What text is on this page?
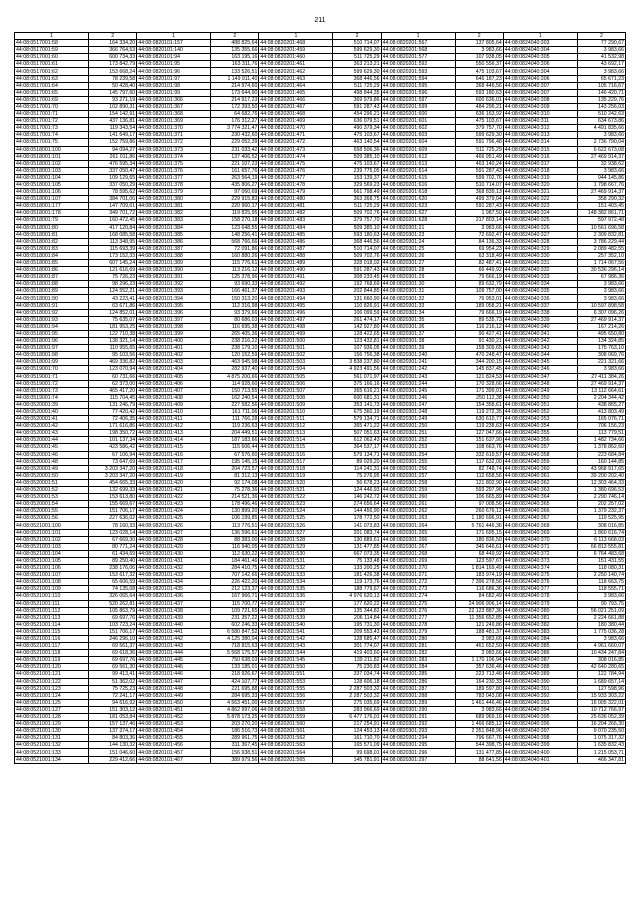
211
1	2	1	2	1	2	1	2	1	2
44:08:0517001:58	164 334,20	44:08:0820101:157	488 825,64	44:08:0820201:468	510 714,07	44:08:0820201:567	137 805,64	44:08:0824040:303	77 290,67
44:08:0517001:59	366 764,53	44:08:0820101:140	135 355,66	44:08:0820201:459	599 629,30	44:08:0820201:568	3 983,66	44:08:0824040:304	3 983,66
44:08:0517001:60	600 734,33	44:08:0820101:94	163 195,16	44:08:0820201:460	511 725,29	44:08:0820201:577	107 938,05	44:08:0824040:305	41 532,98
44:08:0517001:61	173 842,79	44:08:0820101:95	163 311,76	44:08:0820201:461	363 213,21	44:08:0820201:592	550 556,37	44:08:0824040:306	43 692,17
44:08:0517001:62	153 668,24	44:08:0820101:96	133 526,51	44:08:0820201:462	599 629,30	44:08:0820201:593	475 103,67	44:08:0824040:304	3 983,66
44:08:0517001:63	78 239,58	44:08:0820101:97	1 149 911,40	44:08:0820201:463	368 446,56	44:08:0820201:594	646 187,23	44:08:0824040:306	65 671,23
44:08:0517001:64	50 428,40	44:08:0820101:98	214 974,60	44:08:0820201:464	511 725,29	44:08:0820201:595	368 446,56	44:08:0824040:307	105 716,67
44:08:0517001:65	145 797,60	44:08:0820101:99	173 644,90	44:08:0820201:465	498 844,35	44:08:0820201:596	593 180,63	44:08:0824040:307	146 420,71
44:08:0517001:69	93 271,19	44:08:0820101:366	214 917,23	44:08:0820201:466	369 979,86	44:08:0820201:597	600 636,01	44:08:0824040:308	135 229,76
44:08:0517001:70	102 890,31	44:08:0820101:367	172 393,50	44:08:0820201:467	591 287,43	44:08:0820201:599	484 296,21	44:08:0824040:309	143 256,03
44:08:0517001:71	154 142,91	44:08:0820101:368	64 682,76	44:08:0820201:468	454 296,21	44:08:0820201:600	636 163,92	44:08:0824040:310	510 242,63
44:08:0517001:72	437 136,81	44:08:0820101:369	176 312,27	44:08:0820201:469	636 079,51	44:08:0820201:601	475 103,67	44:08:0824040:311	634 673,86
44:08:0517001:73	119 343,54	44:08:0820101:370	3 774 321,47	44:08:0820201:470	490 379,34	44:08:0820201:602	379 757,70	44:08:0824040:312	4 491 835,66
44:08:0517001:74	141 649,17	44:08:0820101:371	230 432,60	44:08:0820201:471	475 103,67	44:08:0820201:603	599 629,30	44:08:0824040:313	3 983,66
44:08:0517001:75	152 759,86	44:08:0820101:372	229 052,39	44:08:0820201:472	463 140,54	44:08:0820201:604	591 796,48	44:08:0824040:314	2 736 790,04
44:08:0518001:100	94 094,27	44:08:0820101:373	231 033,42	44:08:0820201:473	658 506,36	44:08:0820201:609	511 725,29	44:08:0824040:315	6 622 673,08
44:08:0518001:101	261 011,86	44:08:0820101:374	137 406,52	44:08:0820201:474	509 385,10	44:08:0820201:612	466 951,49	44:08:0824040:316	27 469 914,37
44:08:0518001:102	476 595,34	44:08:0820101:375	221 107,23	44:08:0820201:475	475 103,67	44:08:0820201:613	463 140,24	44:08:0824040:317	32 938,62
44:08:0518001:103	337 050,47	44:08:0820101:376	161 657,76	44:08:0820201:476	239 775,05	44:08:0820201:614	591 287,43	44:08:0824040:318	3 983,66
44:08:0518001:104	109 129,65	44:08:0820101:377	263 564,19	44:08:0820201:477	153 139,37	44:08:0820201:615	599 702,76	44:08:0824040:319	944 145,86
44:08:0518001:105	337 050,29	44:08:0820101:378	435 806,27	44:08:0820201:478	329 569,23	44:08:0820201:616	510 714,07	44:08:0824040:320	1 798 667,76
44:08:0518001:106	78 595,62	44:08:0820101:379	97 060,69	44:08:0820201:479	661 798,49	44:08:0820201:618	368 839,13	44:08:0824040:321	27 469 914,37
44:08:0518001:107	384 701,06	44:08:0820101:380	229 915,83	44:08:0820201:480	363 368,75	44:08:0820201:620	499 379,04	44:08:0824040:322	358 290,32
44:08:0518001:177	147 709,61	44:08:0820101:381	220 960,17	44:08:0820201:481	511 725,29	44:08:0820201:623	591 287,43	44:08:0824040:323	151 403,45
44:08:0518001:178	349 701,72	44:08:0820101:382	119 825,95	44:08:0820201:482	509 702,76	44:08:0820201:627	1 987,50	44:08:0824040:324	148 382 861,71
44:08:0518001:79	160 472,45	44:08:0820101:383	158 270,18	44:08:0820201:483	379 757,70	44:08:0820201:628	217 803,14	44:08:0824040:325	597 972,48
44:08:0518001:80	417 120,84	44:08:0820101:384	123 648,55	44:08:0820201:484	509 385,10	44:08:0820301:21	3 983,66	44:08:0824040:326	10 561 696,58
44:08:0518001:81	168 085,58	44:08:0820101:385	148 256,41	44:08:0820201:485	593 180,63	44:08:0820301:23	72 692,47	44:08:0824040:327	2 309 832,81
44:08:0518001:82	113 348,95	44:08:0820101:386	568 766,66	44:08:0820201:486	368 446,56	44:08:0820301:24	84 136,33	44:08:0824040:328	3 786 229,44
44:08:0518001:83	115 693,39	44:08:0820101:387	72 091,86	44:08:0820201:487	510 714,07	44:08:0820301:25	69 954,23	44:08:0824040:329	2 089 482,55
44:08:0518001:84	173 152,33	44:08:0820101:388	160 880,26	44:08:0820201:488	509 702,76	44:08:0820301:26	63 318,49	44:08:0824040:330	257 352,10
44:08:0518001:85	607 145,24	44:08:0820101:389	115 776,61	44:08:0820201:489	328 018,02	44:08:0820301:27	82 487,41	44:08:0824040:331	1 714 067,56
44:08:0518001:86	121 616,69	44:08:0820101:390	113 216,12	44:08:0820201:490	591 287,43	44:08:0820301:28	66 449,92	44:08:0824040:332	30 536 296,14
44:08:0518001:87	75 726,23	44:08:0820101:391	125 378,96	44:08:0820201:491	308 233,45	44:08:0820301:29	79 666,19	44:08:0824040:333	67 986,36
44:08:0518001:88	98 296,23	44:08:0820101:392	93 690,33	44:08:0820201:492	192 768,69	44:08:0820301:30	89 632,79	44:08:0824040:334	3 983,66
44:08:0518001:89	124 552,21	44:08:0820101:393	166 461,37	44:08:0820201:493	202 844,85	44:08:0820301:31	109 757,00	44:08:0824040:335	3 983,66
44:08:0518001:90	43 223,41	44:08:0820101:394	150 313,20	44:08:0820201:494	131 660,90	44:08:0820301:32	76 953,01	44:08:0824040:336	3 983,66
44:08:0518001:91	63 671,86	44:08:0820101:395	112 316,98	44:08:0820201:495	110 826,91	44:08:0820301:33	189 058,21	44:08:0824040:337	10 597 898,58
44:08:0518001:92	124 852,01	44:08:0820101:396	93 379,66	44:08:0820201:496	106 099,59	44:08:0820301:34	79 666,19	44:08:0824040:338	6 307 096,26
44:08:0518001:93	75 635,07	44:08:0820101:397	80 686,03	44:08:0820201:497	261 474,17	44:08:0820301:35	89 535,73	44:08:0824040:339	27 469 914,37
44:08:0518001:94	181 953,25	44:08:0820101:398	116 695,38	44:08:0820201:498	142 927,80	44:08:0820301:36	116 216,12	44:08:0824040:340	167 214,26
44:08:0518001:95	122 710,38	44:08:0820101:399	265 405,36	44:08:0820201:499	128 422,65	44:08:0820301:37	90 427,41	44:08:0824040:341	495 650,80
44:08:0518001:96	138 321,14	44:08:0820101:400	238 216,22	44:08:0820201:500	123 432,81	44:08:0820301:38	91 430,21	44:08:0824040:342	134 324,85
44:08:0518001:97	110 955,65	44:08:0820101:401	238 179,10	44:08:0820201:501	107 936,05	44:08:0820301:39	158 309,65	44:08:0824040:343	175 763,10
44:08:0518001:98	95 103,56	44:08:0820101:402	120 152,59	44:08:0820201:502	156 756,38	44:08:0820301:240	470 248,47	44:08:0824040:344	308 069,76
44:08:0518001:99	469 336,82	44:08:0820101:403	463 945,98	44:08:0820201:503	3 838 237,80	44:08:0820301:241	344 200,15	44:08:0824040:345	221 321,66
44:08:0519001:70	123 070,94	44:08:0820101:404	282 937,40	44:08:0820201:504	4 923 491,56	44:08:0820301:242	145 837,45	44:08:0824040:346	3 983,66
44:08:0519001:71	60 731,66	44:08:0820101:405	4 875 200,66	44:08:0820201:505	561 071,97	44:08:0820301:243	121 824,53	44:08:0824040:347	27 411 384,26
44:08:0519001:72	62 373,00	44:08:0820101:406	114 928,60	44:08:0820201:506	375 166,16	44:08:0820301:244	170 328,66	44:08:0824040:348	27 469 914,37
44:08:0519001:73	465 417,20	44:08:0820101:407	150 713,55	44:08:0820201:507	365 616,21	44:08:0820301:245	171 399,01	44:08:0824040:349	13 112 664,61
44:08:0519001:74	115 704,45	44:08:0820101:408	162 240,54	44:08:0820201:508	600 681,31	44:08:0820301:246	250 112,38	44:08:0824040:350	2 204 344,42
44:08:0520001:39	131 246,79	44:08:0820101:409	227 582,56	44:08:0820201:509	353 141,73	44:08:0820301:247	154 358,61	44:08:0824040:351	438 865,27
44:08:0520001:40	77 420,42	44:08:0820101:410	161 711,96	44:08:0820201:510	675 360,19	44:08:0820301:248	119 272,35	44:08:0824040:352	413 803,49
44:08:0520001:41	72 406,35	44:08:0820101:411	111 766,28	44:08:0820201:511	579 134,71	44:08:0820301:249	630 610,77	44:08:0824040:353	165 076,71
44:08:0520001:42	171 616,86	44:08:0820101:412	119 236,63	44:08:0820201:512	365 471,22	44:08:0820301:250	119 238,63	44:08:0824040:354	706 156,23
44:08:0520001:43	198 350,72	44:08:0820101:413	204 449,51	44:08:0820201:513	507 051,63	44:08:0820301:251	127 047,66	44:08:0824040:355	113 779,51
44:08:0520001:44	101 137,34	44:08:0820101:414	187 183,66	44:08:0820201:514	612 062,43	44:08:0820301:252	151 637,90	44:08:0824040:356	1 482 734,66
44:08:0520001:45	423 586,42	44:08:0820101:415	115 606,44	44:08:0820201:515	364 537,17	44:08:0820301:253	108 663,76	44:08:0824040:357	1 378 862,60
44:08:0520001:46	67 106,94	44:08:0820101:416	67 576,60	44:08:0820201:516	579 134,71	44:08:0820301:254	332 619,57	44:08:0824040:358	223 684,84
44:08:0520001:48	73 647,69	44:08:0820101:417	195 145,15	44:08:0820201:517	89 029,20	44:08:0820301:255	117 632,00	44:08:0824040:359	160 144,85
44:08:0520001:49	3 203 347,20	44:08:0820101:418	204 723,57	44:08:0820201:518	114 241,31	44:08:0820301:256	82 748,74	44:08:0824040:360	43 968 917,65
44:08:0520001:50	3 203 347,20	44:08:0820101:419	81 312,13	44:08:0820201:519	75 276,95	44:08:0820301:257	112 658,56	44:08:0824040:361	39 200 202,40
44:08:0520001:51	454 665,33	44:08:0820101:420	92 174,08	44:08:0820201:520	56 678,23	44:08:0820301:258	121 802,90	44:08:0824040:362	12 303 464,33
44:08:0520001:52	132 699,33	44:08:0820101:421	75 278,36	44:08:0820201:521	124 446,93	44:08:0820301:259	593 297,96	44:08:0824040:363	1 380 696,53
44:08:0520001:53	153 613,80	44:08:0820101:422	214 521,36	44:08:0820201:522	146 242,72	44:08:0820301:260	106 665,89	44:08:0824040:364	2 290 746,14
44:08:0520001:54	155 669,67	44:08:0820101:423	178 496,46	44:08:0820201:523	274 656,64	44:08:0820301:261	97 008,56	44:08:0824040:365	202 257,02
44:08:0520001:55	151 706,17	44:08:0820101:424	130 899,20	44:08:0820201:524	144 456,90	44:08:0820301:262	260 676,12	44:08:0824040:366	1 379 232,37
44:08:0520001:56	227 636,02	44:08:0820101:425	106 199,85	44:08:0820201:525	178 772,50	44:08:0820301:263	1 180 696,91	44:08:0824040:367	119 525,95
44:08:0521001:100	78 160,33	44:08:0820101:426	113 776,51	44:08:0820201:526	141 073,83	44:08:0820301:264	5 761 446,36	44:08:0824040:368	308 016,85
44:08:0521001:101	123 028,14	44:08:0820101:427	136 596,61	44:08:0820201:527	201 083,74	44:08:0820301:265	171 695,15	44:08:0824040:369	1 860 616,74
44:08:0521001:102	67 669,30	44:08:0820101:428	88 383,00	44:08:0820201:528	130 889,61	44:08:0820301:266	180 836,50	44:08:0824040:370	6 113 668,03
44:08:0521001:103	80 771,24	44:08:0820101:429	116 940,05	44:08:0820201:529	131 477,85	44:08:0820301:267	346 646,61	44:08:0824040:371	66 813 555,81
44:08:0521001:104	61 434,69	44:08:0820101:430	112 630,22	44:08:0820201:530	667 073,35	44:08:0820301:268	68 449,92	44:08:0824040:372	6 764 483,68
44:08:0521001:105	89 250,40	44:08:0820101:431	184 461,46	44:08:0820201:531	75 133,48	44:08:0820301:269	123 597,67	44:08:0824040:373	151 431,55
44:08:0521001:106	238 176,06	44:08:0820101:432	284 410,75	44:08:0820201:532	133 200,25	44:08:0820301:270	1 814 169,49	44:08:0824040:374	118 080,31
44:08:0521001:107	153 617,32	44:08:0820101:433	707 142,66	44:08:0820201:533	181 426,38	44:08:0820301:271	183 974,19	44:08:0824040:375	2 250 140,74
44:08:0521001:108	65 606,59	44:08:0820101:434	226 422,20	44:08:0820201:534	119 173,76	44:08:0820301:272	7 396 278,56	44:08:0824040:376	118 663,75
44:08:0521001:109	74 135,08	44:08:0820101:435	212 123,37	44:08:0820201:535	188 779,67	44:08:0820301:273	116 686,36	44:08:0824040:377	118 555,71
44:08:0521001:110	326 065,64	44:08:0820101:436	167 966,71	44:08:0820201:536	4 976 620,13	44:08:0820301:274	84 682,49	44:08:0824040:378	3 983,66
44:08:0521001:111	520 262,81	44:08:0820101:437	115 700,77	44:08:0820201:537	177 620,22	44:08:0820301:275	24 906 906,14	44:08:0824040:379	90 793,75
44:08:0521001:112	105 863,79	44:08:0820101:438	109 721,65	44:08:0820201:538	135 344,82	44:08:0820301:276	22 123 887,36	44:08:0824040:380	56 021 251,09
44:08:0521001:113	69 697,76	44:08:0820101:439	231 357,22	44:08:0820201:539	206 114,84	44:08:0820301:277	11 356 652,85	44:08:0824040:381	2 224 661,88
44:08:0521001:114	103 723,24	44:08:0820101:440	602 246,33	44:08:0820201:540	195 731,30	44:08:0820301:278	121 249,86	44:08:0824040:382	180 380,44
44:08:0521001:115	151 706,17	44:08:0820101:441	6 580 847,52	44:08:0820201:541	209 553,43	44:08:0820301:279	188 481,37	44:08:0824040:383	1 775 036,28
44:08:0521001:116	246 296,10	44:08:0820101:442	4 125 380,04	44:08:0820201:542	128 685,47	44:08:0820301:280	3 983,66	44:08:0824040:384	3 983,66
44:08:0521001:117	69 561,37	44:08:0820101:443	718 815,63	44:08:0820201:543	301 774,07	44:08:0820301:281	461 652,50	44:08:0824040:385	4 961 660,07
44:08:0521001:118	69 618,36	44:08:0820101:444	5 568 175,57	44:08:0820201:544	419 403,60	44:08:0820301:282	3 983,66	44:08:0824040:386	10 434 247,84
44:08:0521001:119	69 697,76	44:08:0820101:445	750 638,03	44:08:0820201:545	139 211,82	44:08:0820301:283	1 170 106,94	44:08:0824040:387	308 016,85
44:08:0521001:120	69 561,30	44:08:0820101:446	133 185,01	44:08:0820201:550	75 230,83	44:08:0820301:284	357 636,46	44:08:0824040:388	42 640 280,65
44:08:0521001:121	99 413,41	44:08:0820101:446	218 926,67	44:08:0820201:551	337 034,74	44:08:0820301:285	223 713,46	44:08:0824040:389	122 784,94
44:08:0521001:122	51 362,02	44:08:0820101:447	424 107,77	44:08:0820201:553	128 606,18	44:08:0820301:286	164 230,33	44:08:0824040:390	1 689 657,14
44:08:0521001:123	75 725,23	44:08:0820101:448	221 695,88	44:08:0820201:555	2 287 503,32	44:08:0820301:287	189 597,80	44:08:0824040:391	127 598,96
44:08:0521001:124	72 241,17	44:08:0820101:449	284 695,33	44:08:0820201:556	2 287 503,32	44:08:0820301:288	783 043,08	44:08:0824040:392	15 933 303,22
44:08:0521001:125	94 616,92	44:08:0820101:450	4 563 451,00	44:08:0820201:557	275 035,69	44:08:0820301:289	1 461 446,46	44:08:0824040:393	16 005 322,01
44:08:0521001:127	151 303,12	44:08:0820101:451	4 862 997,06	44:08:0820201:558	283 966,69	44:08:0820301:290	3 983,66	44:08:0824040:394	10 712 766,97
44:08:0521001:128	181 053,84	44:08:0820101:452	5 878 173,25	44:08:0820201:559	6 477 176,01	44:08:0820301:291	689 969,16	44:08:0824040:395	25 636 052,39
44:08:0521001:129	157 137,46	44:08:0820101:453	203 270,20	44:08:0820201:560	217 254,91	44:08:0820301:292	1 466 685,12	44:08:0824040:396	16 204 266,30
44:08:0521001:130	137 374,17	44:08:0820101:454	186 516,73	44:08:0820201:561	124 453,13	44:08:0820301:293	2 351 848,96	44:08:0824040:397	9 070 235,50
44:08:0521001:131	84 803,36	44:08:0820101:455	289 961,75	44:08:0820201:562	161 710,70	44:08:0820301:294	796 667,76	44:08:0824040:398	1 075 317,32
44:08:0521001:132	144 130,32	44:08:0820101:456	311 367,45	44:08:0820201:563	165 571,09	44:08:0820301:295	544 398,75	44:08:0824040:399	1 635 832,43
44:08:0521001:133	151 046,60	44:08:0820101:457	156 938,51	44:08:0820201:564	99 698,01	44:08:0820301:296	131 477,85	44:08:0824040:400	1 215 053,71
44:08:0521001:134	229 412,66	44:08:0820101:467	389 979,56	44:08:0820201:565	145 781,91	44:08:0820301:297	88 641,56	44:08:0824040:401	466 347,81
